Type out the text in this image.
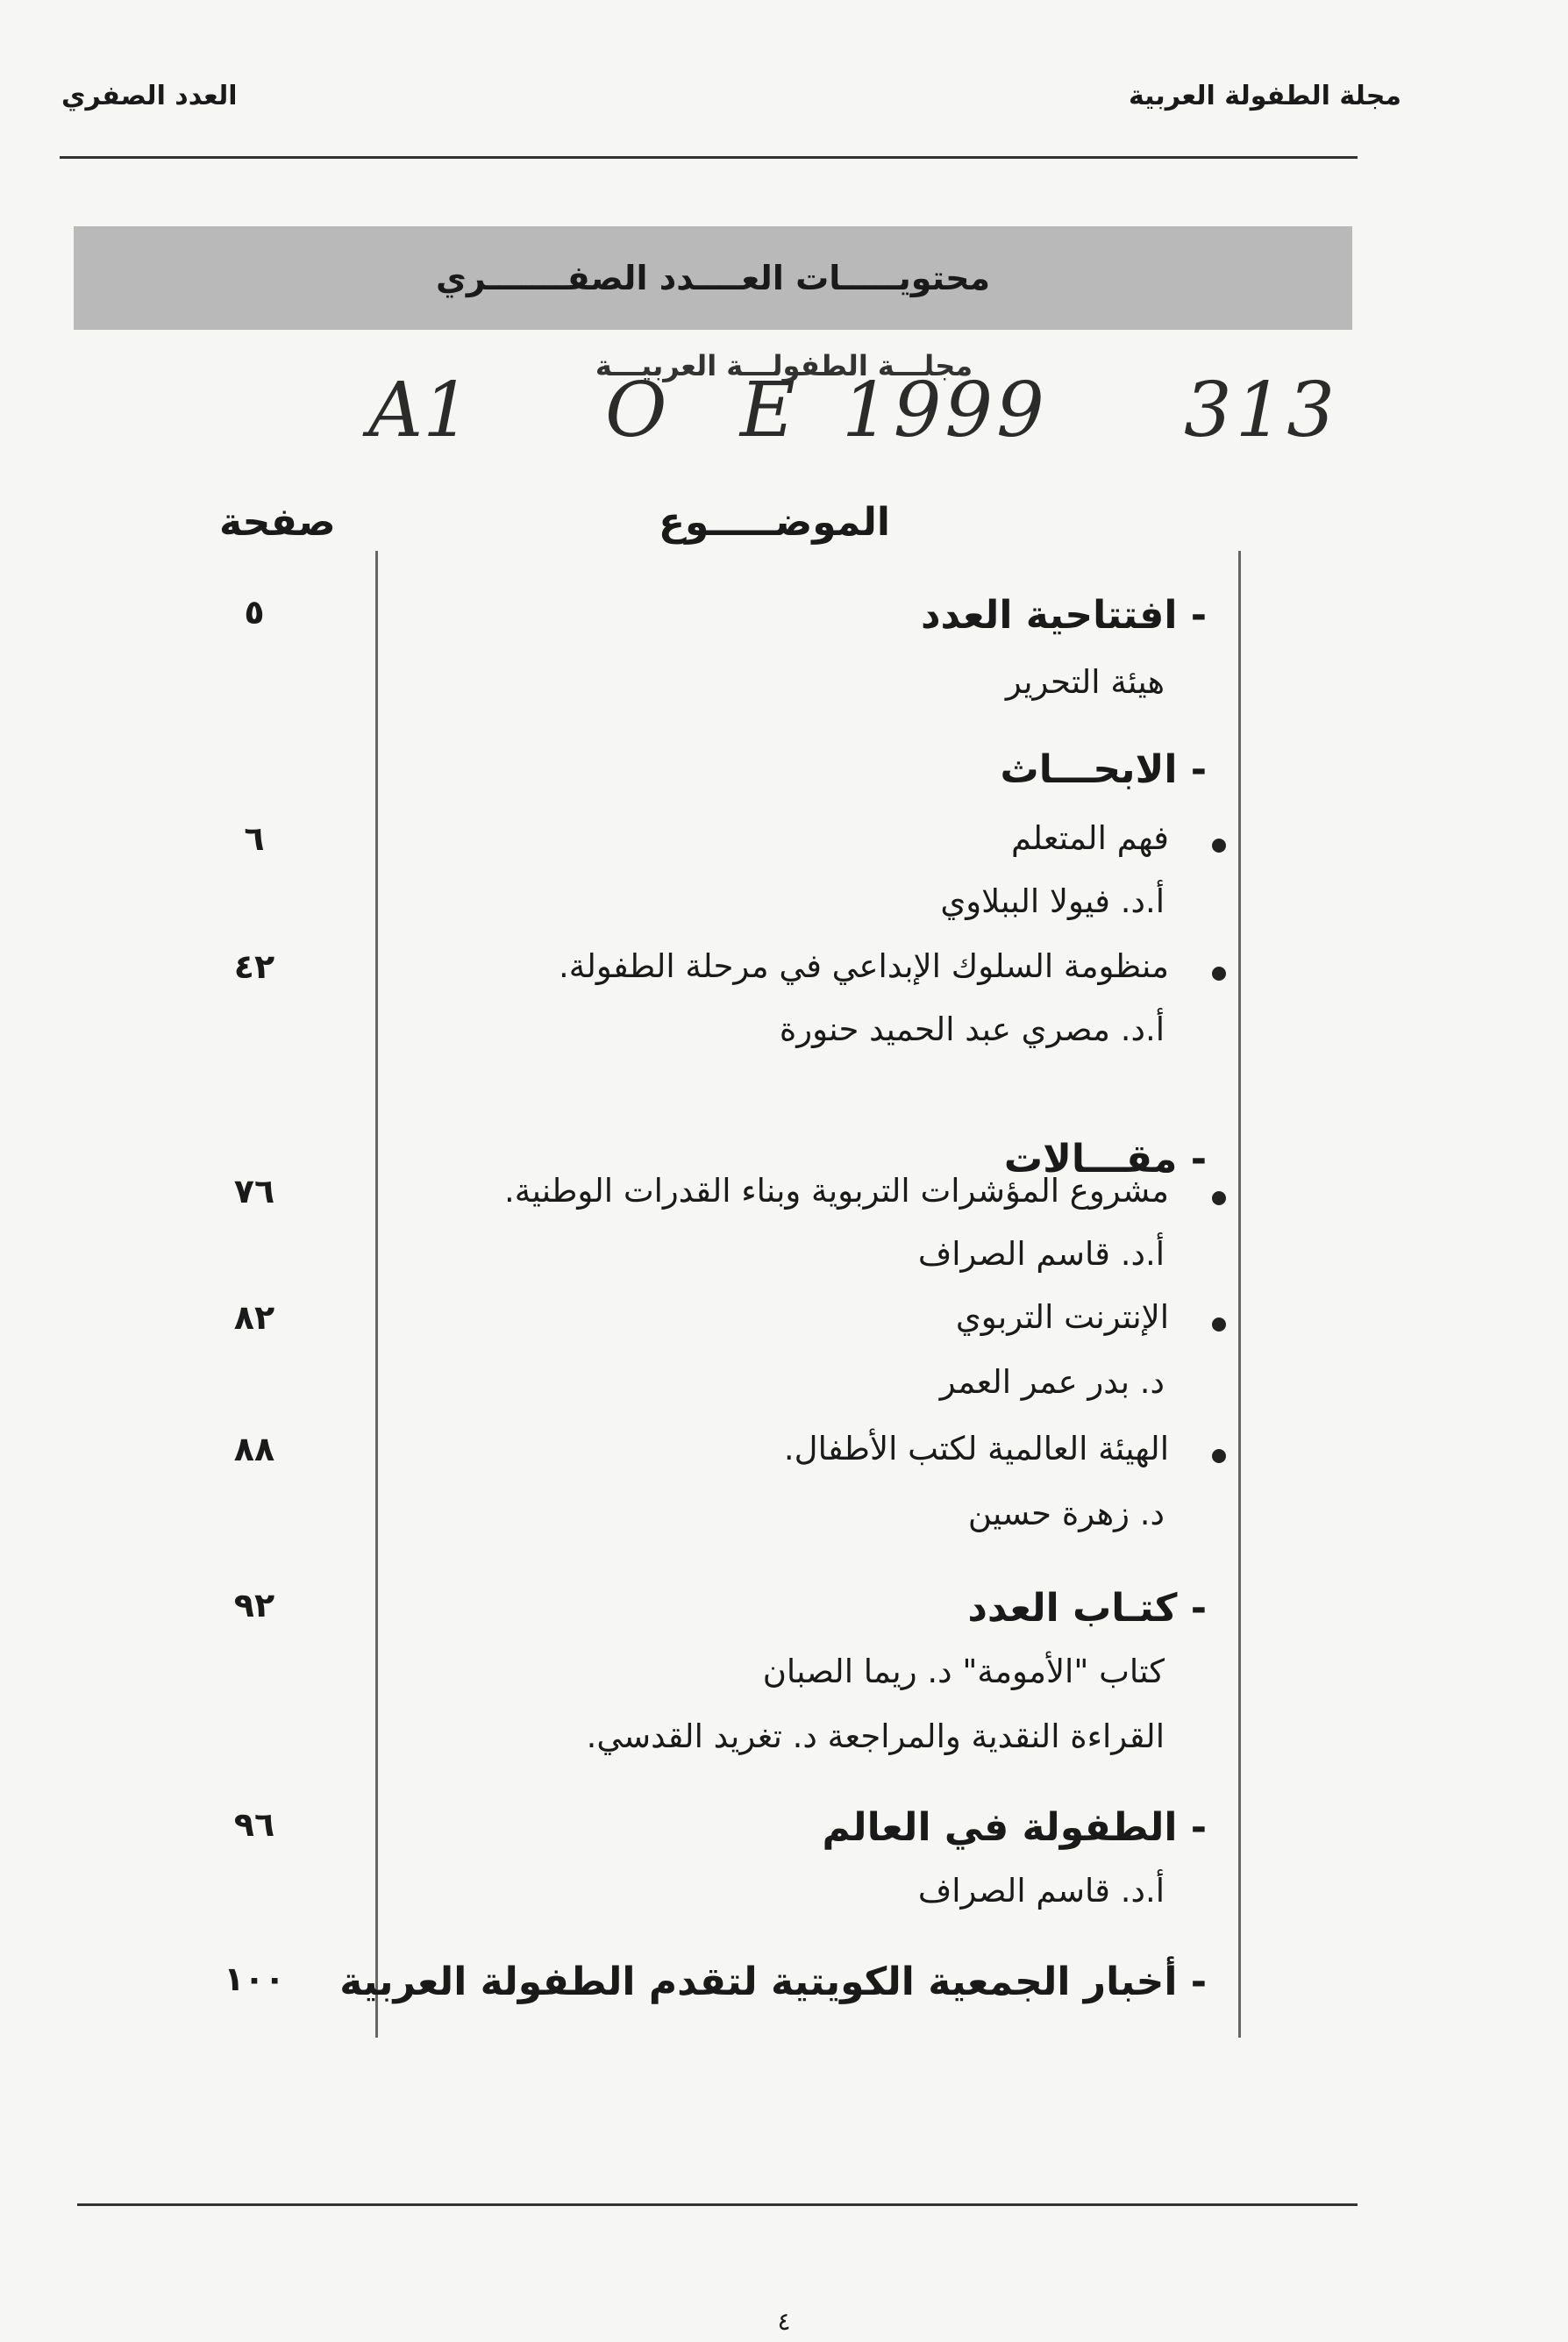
مجلة الطفولة العربية
العدد الصفري
محتويـــــات العــــدد الصفـــــــري
مجلـــة الطفولـــة العربيـــة
A1 O E 1999 313
صفحة	الموضـــــوع
- افتتاحية العدد
٥
هيئة التحرير
- الابحـــاث
فهم المتعلم
٦
أ.د. فيولا الببلاوي
منظومة السلوك الإبداعي في مرحلة الطفولة.
٤٢
أ.د. مصري عبد الحميد حنورة
- مقـــالات
مشروع المؤشرات التربوية وبناء القدرات الوطنية.
٧٦
أ.د. قاسم الصراف
الإنترنت التربوي
٨٢
د. بدر عمر العمر
الهيئة العالمية لكتب الأطفال.
٨٨
د. زهرة حسين
- كتـاب العدد
٩٢
كتاب "الأمومة" د. ريما الصبان
القراءة النقدية والمراجعة د. تغريد القدسي.
- الطفولة في العالم
٩٦
أ.د. قاسم الصراف
- أخبار الجمعية الكويتية لتقدم الطفولة العربية
١٠٠
٤
